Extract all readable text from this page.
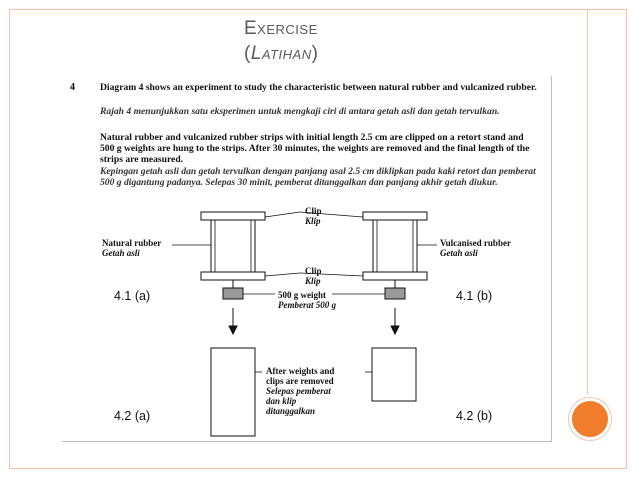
Exercise
(Latihan)
4	Diagram 4 shows an experiment to study the characteristic between natural rubber and vulcanized rubber.
Rajah 4 menunjukkan satu eksperimen untuk mengkaji ciri di antara getah asli dan getah tervulkan.
Natural rubber and vulcanized rubber strips with initial length 2.5 cm are clipped on a retort stand and 500 g weights are hung to the strips. After 30 minutes, the weights are removed and the final length of the strips are measured.
Kepingan getah asli dan getah tervulkan dengan panjang asal 2.5 cm diklipkan pada kaki retort dan pemberat 500 g digantung padanya. Selepas 30 minit, pemberat ditanggalkan dan panjang akhir getah diukur.
Clip
Klip
Clip
Klip
Natural rubber
Getah asli
Vulcanised rubber
Getah asli
500 g weight
Pemberat 500 g
After weights and
clips are removed
Selepas pemberat
dan klip
ditanggalkan
4.1 (a)	4.1 (b)
4.2 (a)	4.2 (b)
